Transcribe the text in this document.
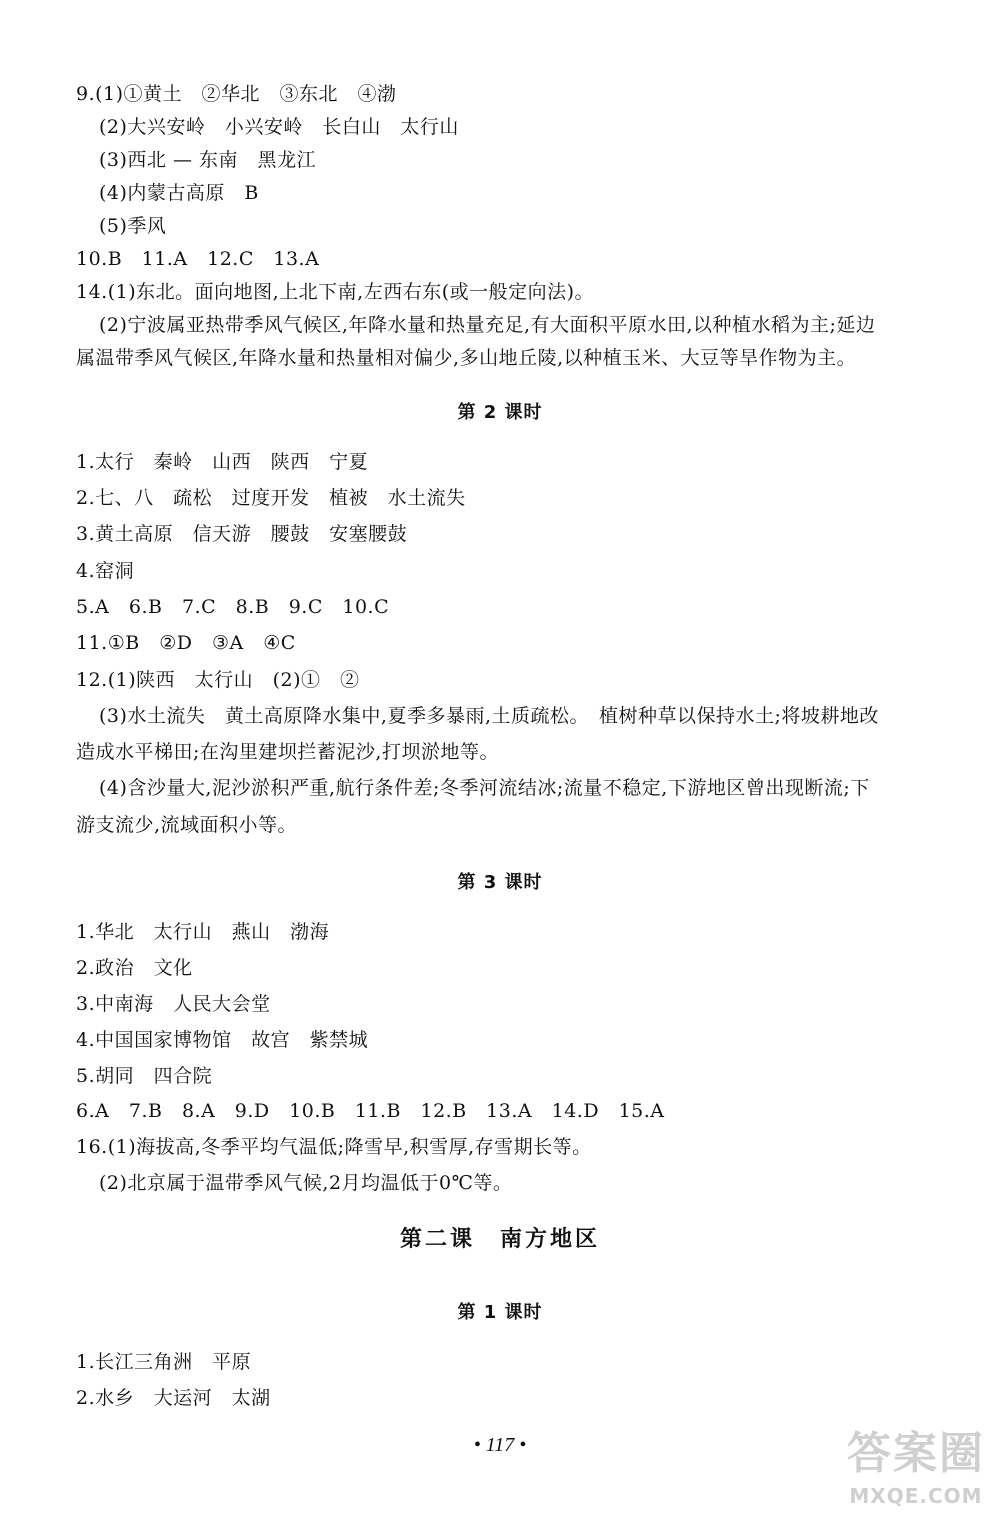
9.(1)①黄土　②华北　③东北　④渤
(2)大兴安岭　小兴安岭　长白山　太行山
(3)西北 — 东南　黑龙江
(4)内蒙古高原　B
(5)季风
10.B　11.A　12.C　13.A
14.(1)东北。面向地图,上北下南,左西右东(或一般定向法)。
(2)宁波属亚热带季风气候区,年降水量和热量充足,有大面积平原水田,以种植水稻为主;延边
属温带季风气候区,年降水量和热量相对偏少,多山地丘陵,以种植玉米、大豆等旱作物为主。
第 2 课时
1.太行　秦岭　山西　陕西　宁夏
2.七、八　疏松　过度开发　植被　水土流失
3.黄土高原　信天游　腰鼓　安塞腰鼓
4.窑洞
5.A　6.B　7.C　8.B　9.C　10.C
11.①B　②D　③A　④C
12.(1)陕西　太行山　(2)①　②
(3)水土流失　黄土高原降水集中,夏季多暴雨,土质疏松。　植树种草以保持水土;将坡耕地改
造成水平梯田;在沟里建坝拦蓄泥沙,打坝淤地等。
(4)含沙量大,泥沙淤积严重,航行条件差;冬季河流结冰;流量不稳定,下游地区曾出现断流;下
游支流少,流域面积小等。
第 3 课时
1.华北　太行山　燕山　渤海
2.政治　文化
3.中南海　人民大会堂
4.中国国家博物馆　故宫　紫禁城
5.胡同　四合院
6.A　7.B　8.A　9.D　10.B　11.B　12.B　13.A　14.D　15.A
16.(1)海拔高,冬季平均气温低;降雪早,积雪厚,存雪期长等。
(2)北京属于温带季风气候,2月均温低于0℃等。
第二课　南方地区
第 1 课时
1.长江三角洲　平原
2.水乡　大运河　太湖
• 117 •	答案圈
MXQE.COM
